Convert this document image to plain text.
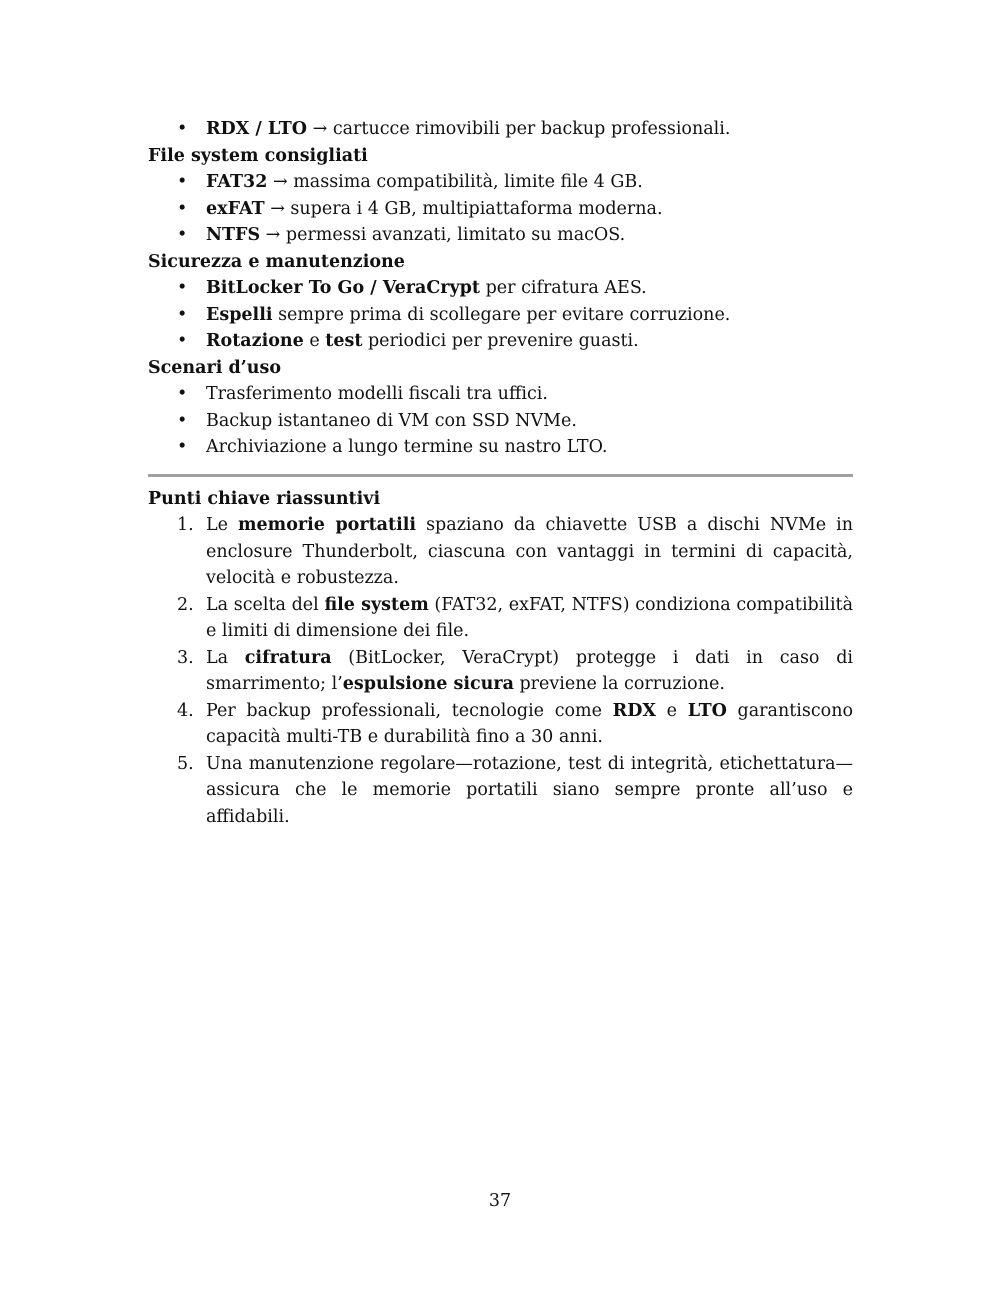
• RDX / LTO → cartucce rimovibili per backup professionali.

File system consigliati

• FAT32 → massima compatibilità, limite file 4 GB.
• exFAT → supera i 4 GB, multipiattaforma moderna.
• NTFS → permessi avanzati, limitato su macOS.

Sicurezza e manutenzione

• BitLocker To Go / VeraCrypt per cifratura AES.
• Espelli sempre prima di scollegare per evitare corruzione.
• Rotazione e test periodici per prevenire guasti.

Scenari d’uso

• Trasferimento modelli fiscali tra uffici.
• Backup istantaneo di VM con SSD NVMe.
• Archiviazione a lungo termine su nastro LTO.

Punti chiave riassuntivi

1. Le memorie portatili spaziano da chiavette USB a dischi NVMe in enclosure Thunderbolt, ciascuna con vantaggi in termini di capacità, velocità e robustezza.
2. La scelta del file system (FAT32, exFAT, NTFS) condiziona compatibilità e limiti di dimensione dei file.
3. La cifratura (BitLocker, VeraCrypt) protegge i dati in caso di smarrimento; l’espulsione sicura previene la corruzione.
4. Per backup professionali, tecnologie come RDX e LTO garantiscono capacità multi-TB e durabilità fino a 30 anni.
5. Una manutenzione regolare—rotazione, test di integrità, etichettatura—assicura che le memorie portatili siano sempre pronte all’uso e affidabili.
37
